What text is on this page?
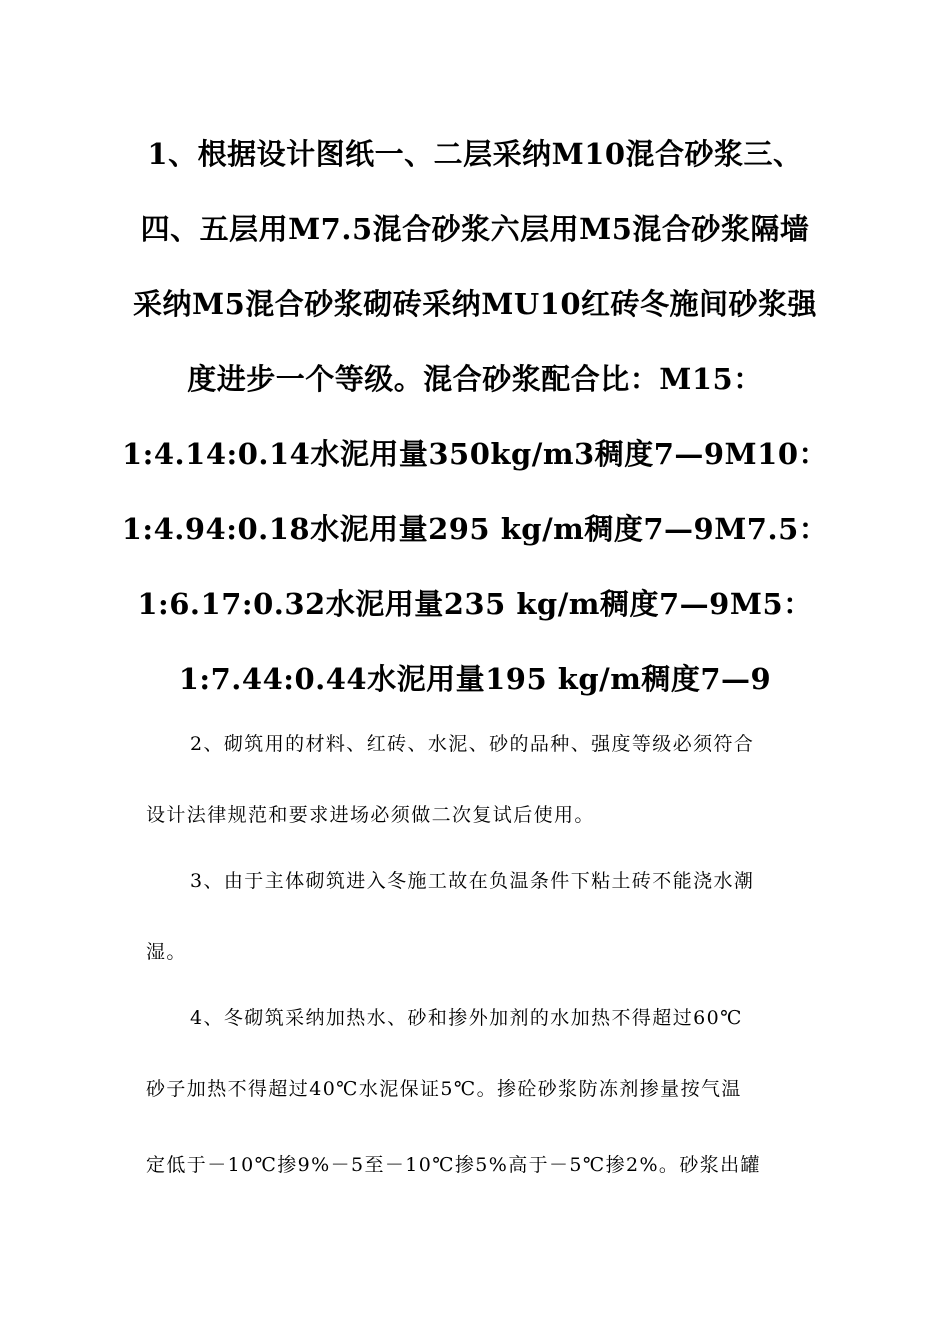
1、根据设计图纸一、二层采纳M10混合砂浆三、
四、五层用M7.5混合砂浆六层用M5混合砂浆隔墙
采纳M5混合砂浆砌砖采纳MU10红砖冬施间砂浆强
度进步一个等级。混合砂浆配合比：M15：
1:4.14:0.14水泥用量350kg/m3稠度7—9M10：
1:4.94:0.18水泥用量295 kg/m稠度7—9M7.5：
1:6.17:0.32水泥用量235 kg/m稠度7—9M5：
1:7.44:0.44水泥用量195 kg/m稠度7—9
2、砌筑用的材料、红砖、水泥、砂的品种、强度等级必须符合
设计法律规范和要求进场必须做二次复试后使用。
3、由于主体砌筑进入冬施工故在负温条件下粘土砖不能浇水潮
湿。
4、冬砌筑采纳加热水、砂和掺外加剂的水加热不得超过60℃
砂子加热不得超过40℃水泥保证5℃。掺砼砂浆防冻剂掺量按气温
定低于－10℃掺9%－5至－10℃掺5%高于－5℃掺2%。砂浆出罐
